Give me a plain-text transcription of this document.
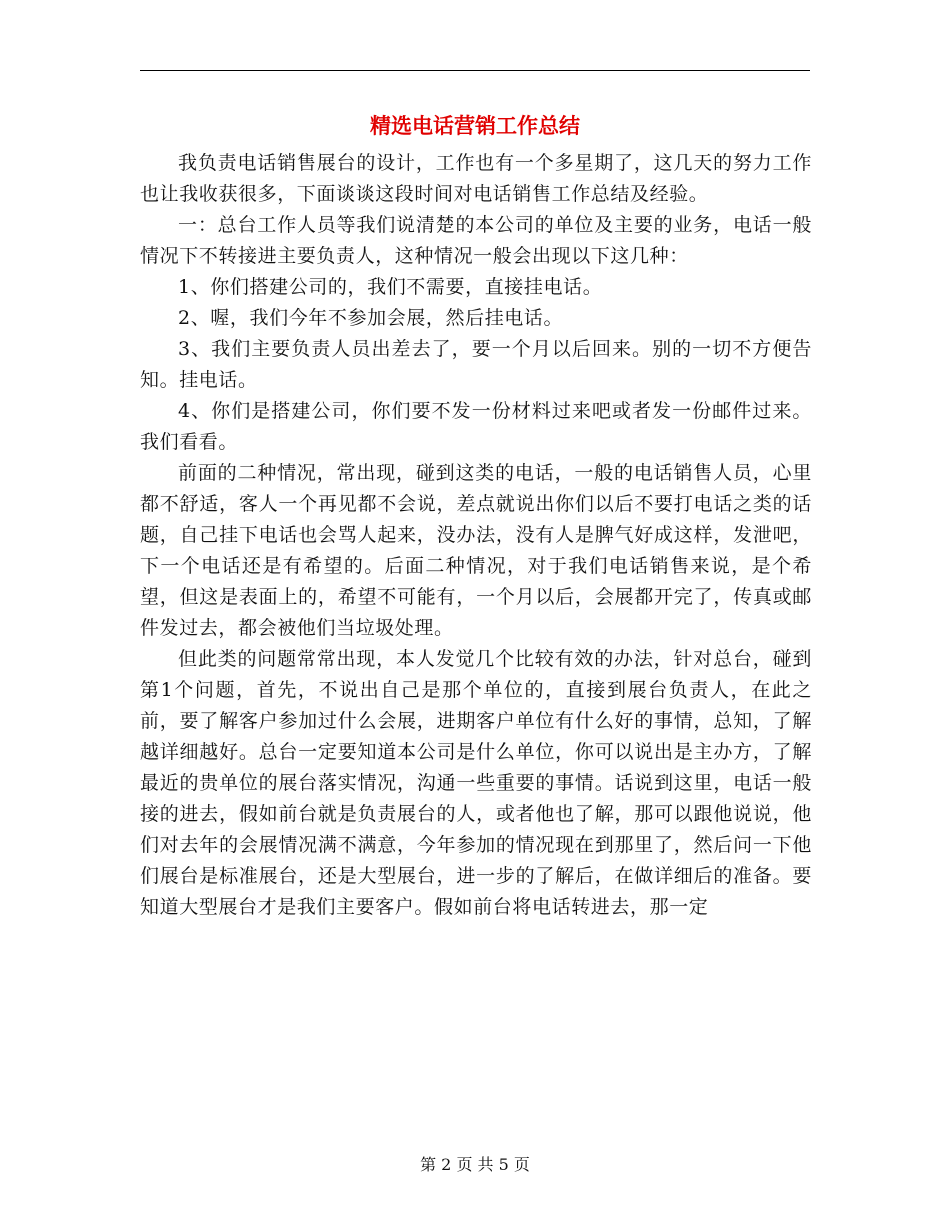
精选电话营销工作总结

我负责电话销售展台的设计，工作也有一个多星期了，这几天的努力工作也让我收获很多，下面谈谈这段时间对电话销售工作总结及经验。

一：总台工作人员等我们说清楚的本公司的单位及主要的业务，电话一般情况下不转接进主要负责人，这种情况一般会出现以下这几种：

1、你们搭建公司的，我们不需要，直接挂电话。

2、喔，我们今年不参加会展，然后挂电话。

3、我们主要负责人员出差去了，要一个月以后回来。别的一切不方便告知。挂电话。

4、你们是搭建公司，你们要不发一份材料过来吧或者发一份邮件过来。我们看看。

前面的二种情况，常出现，碰到这类的电话，一般的电话销售人员，心里都不舒适，客人一个再见都不会说，差点就说出你们以后不要打电话之类的话题，自己挂下电话也会骂人起来，没办法，没有人是脾气好成这样，发泄吧，下一个电话还是有希望的。后面二种情况，对于我们电话销售来说，是个希望，但这是表面上的，希望不可能有，一个月以后，会展都开完了，传真或邮件发过去，都会被他们当垃圾处理。

但此类的问题常常出现，本人发觉几个比较有效的办法，针对总台，碰到第1个问题，首先，不说出自己是那个单位的，直接到展台负责人，在此之前，要了解客户参加过什么会展，进期客户单位有什么好的事情，总知，了解越详细越好。总台一定要知道本公司是什么单位，你可以说出是主办方，了解最近的贵单位的展台落实情况，沟通一些重要的事情。话说到这里，电话一般接的进去，假如前台就是负责展台的人，或者他也了解，那可以跟他说说，他们对去年的会展情况满不满意，今年参加的情况现在到那里了，然后问一下他们展台是标准展台，还是大型展台，进一步的了解后，在做详细后的准备。要知道大型展台才是我们主要客户。假如前台将电话转进去，那一定

第 2 页 共 5 页
